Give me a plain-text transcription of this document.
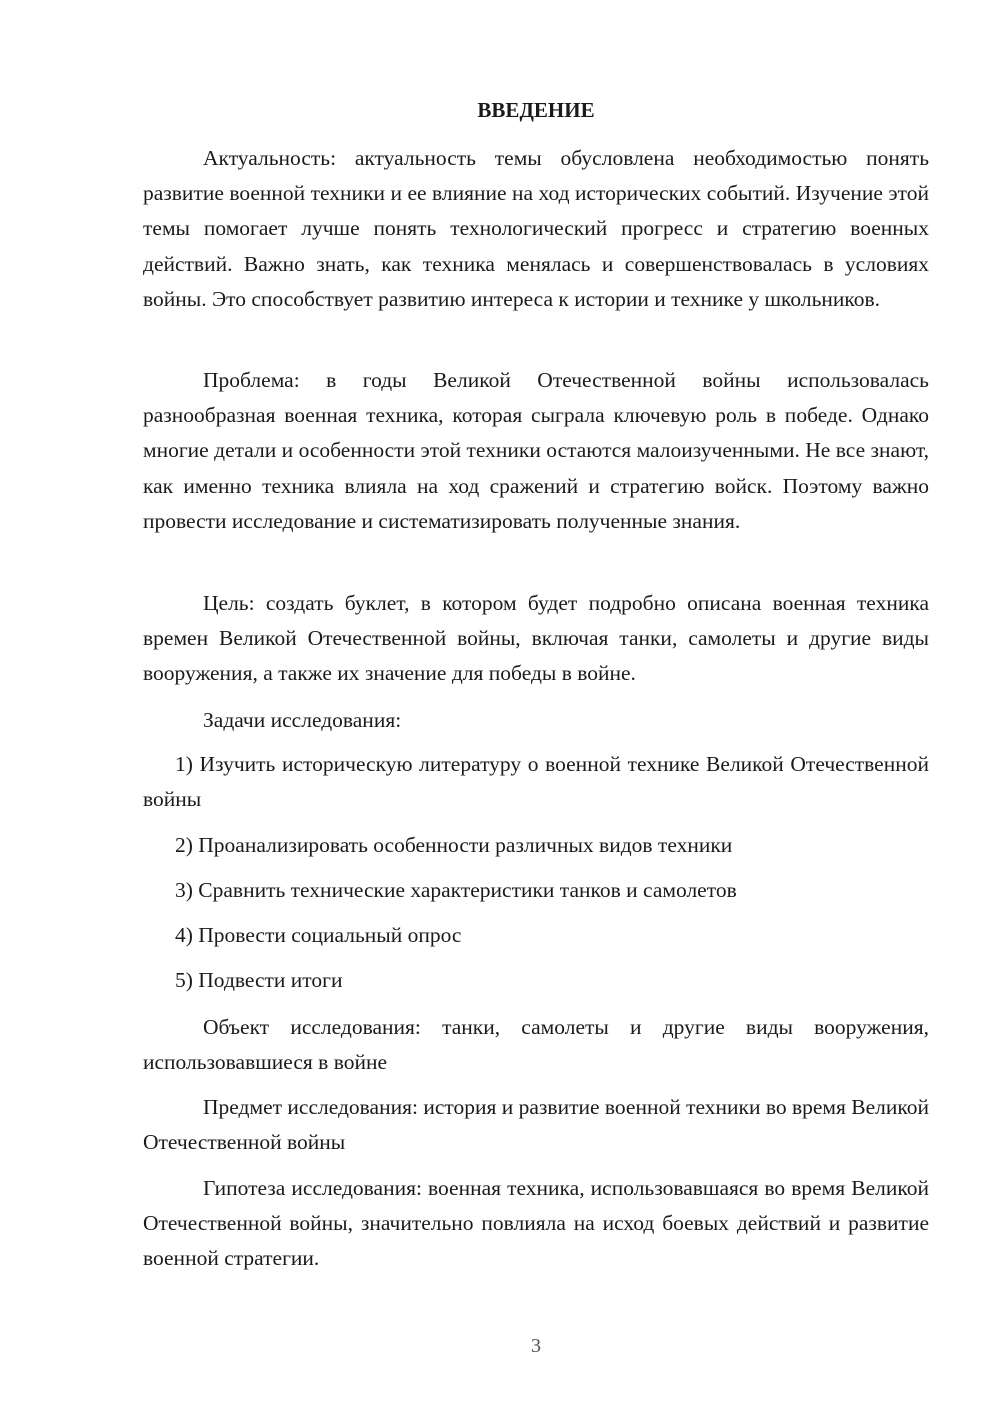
ВВЕДЕНИЕ

Актуальность: актуальность темы обусловлена необходимостью понять развитие военной техники и ее влияние на ход исторических событий. Изучение этой темы помогает лучше понять технологический прогресс и стратегию военных действий. Важно знать, как техника менялась и совершенствовалась в условиях войны. Это способствует развитию интереса к истории и технике у школьников.

Проблема: в годы Великой Отечественной войны использовалась разнообразная военная техника, которая сыграла ключевую роль в победе. Однако многие детали и особенности этой техники остаются малоизученными. Не все знают, как именно техника влияла на ход сражений и стратегию войск. Поэтому важно провести исследование и систематизировать полученные знания.

Цель: создать буклет, в котором будет подробно описана военная техника времен Великой Отечественной войны, включая танки, самолеты и другие виды вооружения, а также их значение для победы в войне.

Задачи исследования:

1) Изучить историческую литературу о военной технике Великой Отечественной войны

2) Проанализировать особенности различных видов техники

3) Сравнить технические характеристики танков и самолетов

4) Провести социальный опрос

5) Подвести итоги

Объект исследования: танки, самолеты и другие виды вооружения, использовавшиеся в войне

Предмет исследования: история и развитие военной техники во время Великой Отечественной войны

Гипотеза исследования: военная техника, использовавшаяся во время Великой Отечественной войны, значительно повлияла на исход боевых действий и развитие военной стратегии.

3
